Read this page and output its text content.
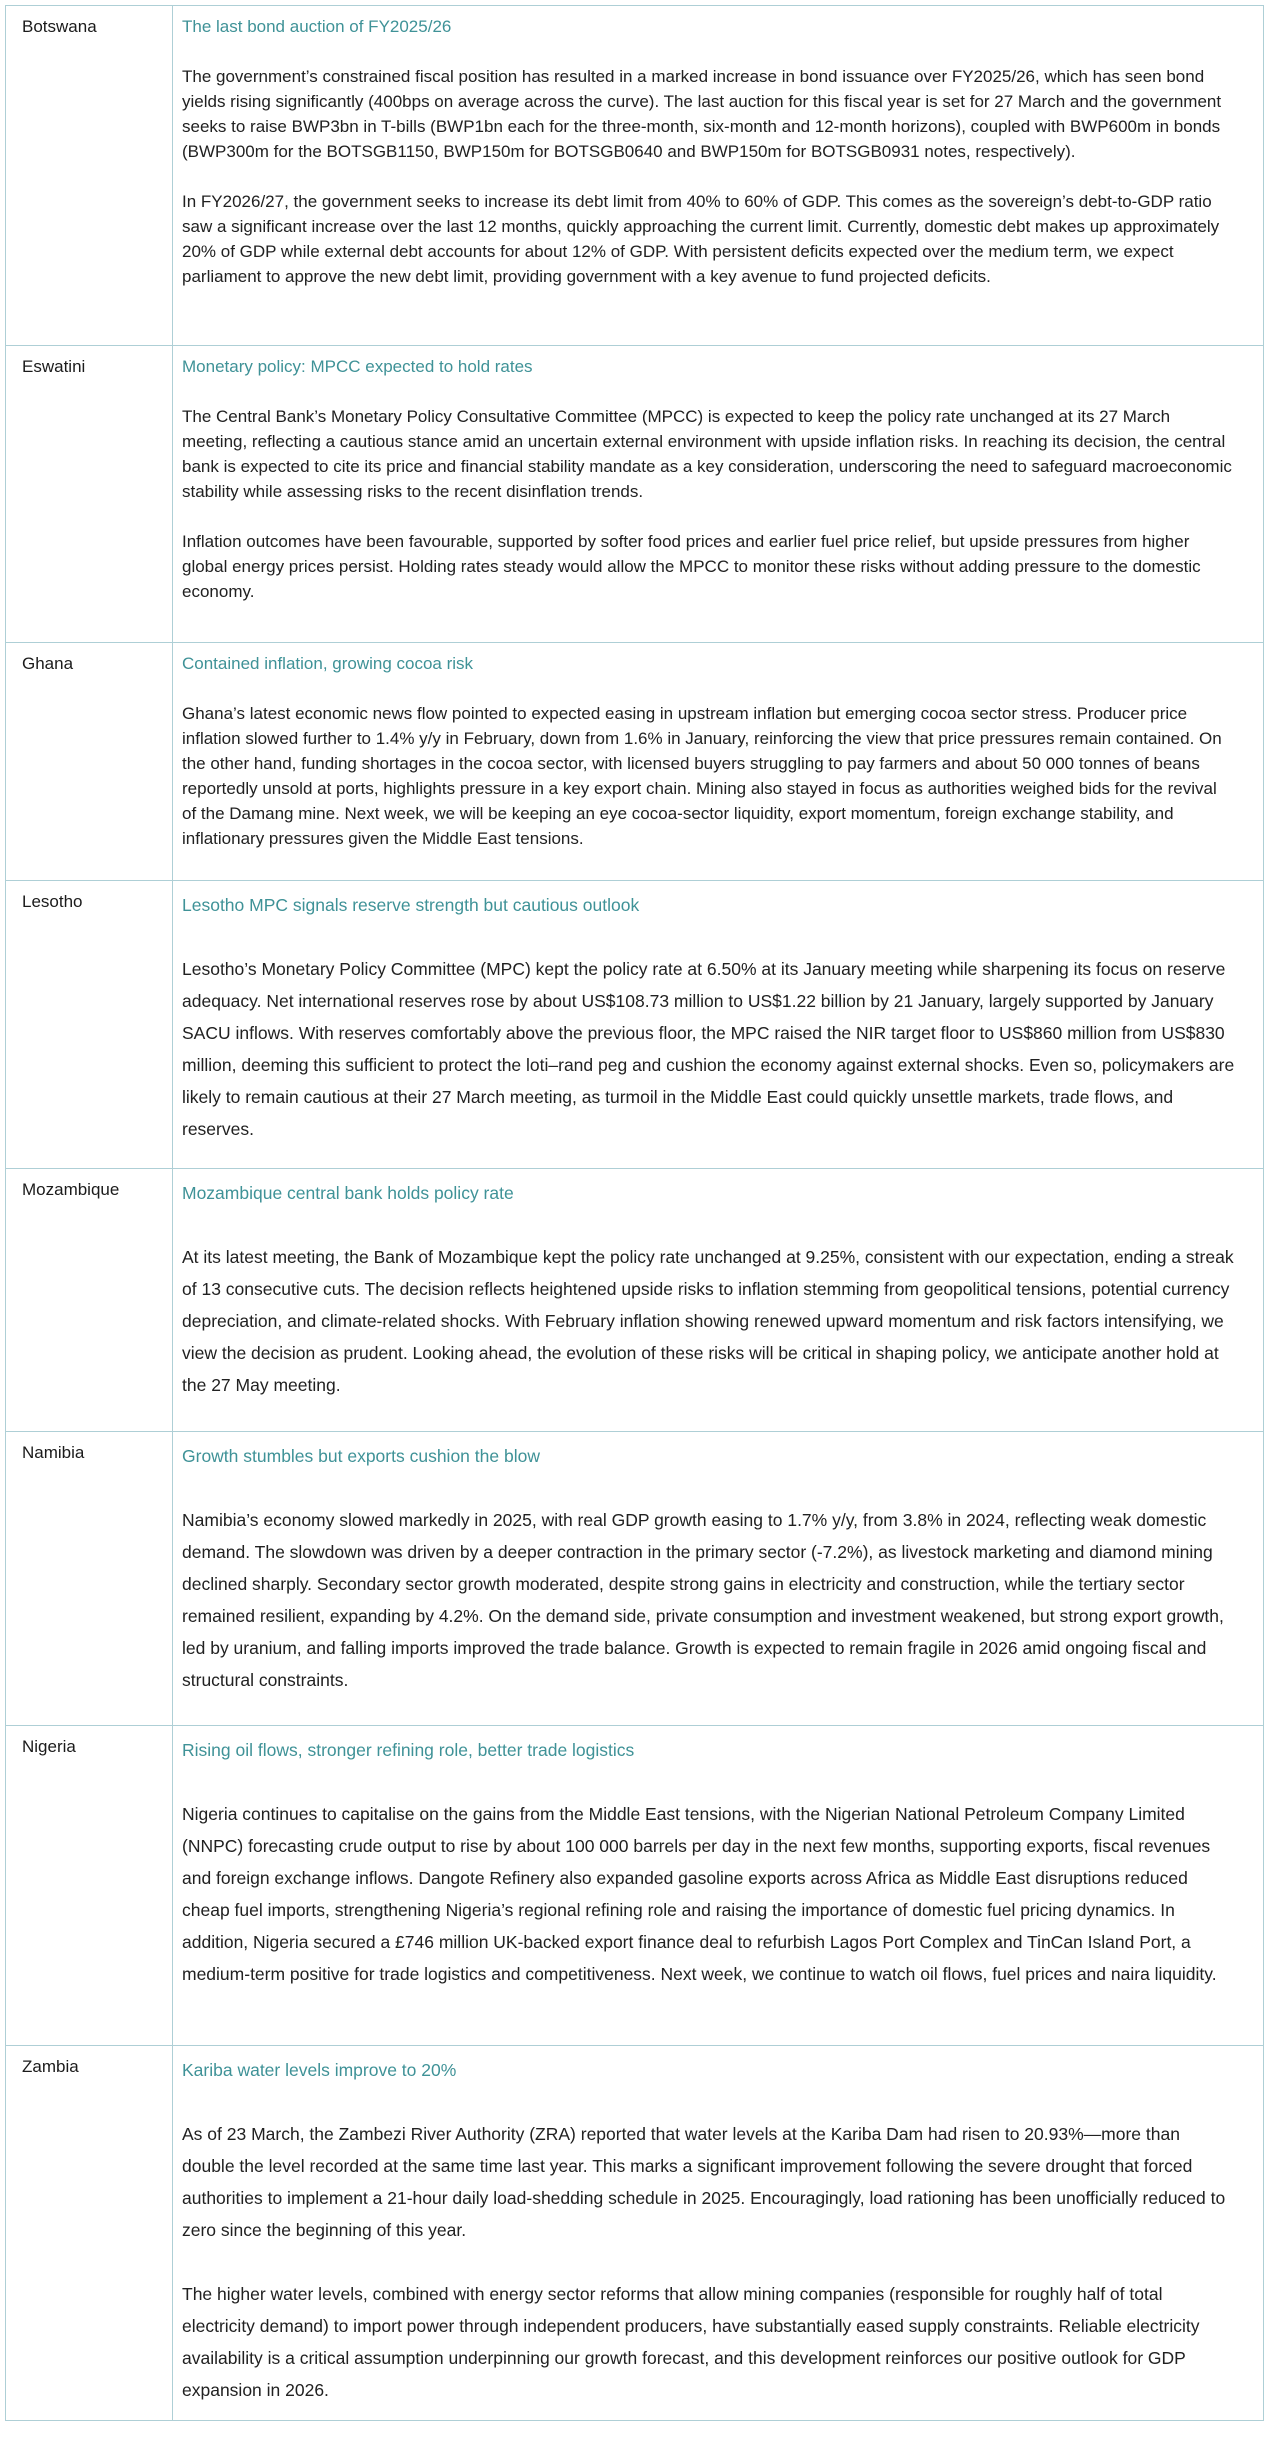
Botswana	The last bond auction of FY2025/26

The government’s constrained fiscal position has resulted in a marked increase in bond issuance over FY2025/26, which has seen bond yields rising significantly (400bps on average across the curve). The last auction for this fiscal year is set for 27 March and the government seeks to raise BWP3bn in T-bills (BWP1bn each for the three-month, six-month and 12-month horizons), coupled with BWP600m in bonds (BWP300m for the BOTSGB1150, BWP150m for BOTSGB0640 and BWP150m for BOTSGB0931 notes, respectively).

In FY2026/27, the government seeks to increase its debt limit from 40% to 60% of GDP. This comes as the sovereign’s debt-to-GDP ratio saw a significant increase over the last 12 months, quickly approaching the current limit. Currently, domestic debt makes up approximately 20% of GDP while external debt accounts for about 12% of GDP. With persistent deficits expected over the medium term, we expect parliament to approve the new debt limit, providing government with a key avenue to fund projected deficits.

Eswatini	Monetary policy: MPCC expected to hold rates

The Central Bank’s Monetary Policy Consultative Committee (MPCC) is expected to keep the policy rate unchanged at its 27 March meeting, reflecting a cautious stance amid an uncertain external environment with upside inflation risks. In reaching its decision, the central bank is expected to cite its price and financial stability mandate as a key consideration, underscoring the need to safeguard macroeconomic stability while assessing risks to the recent disinflation trends.

Inflation outcomes have been favourable, supported by softer food prices and earlier fuel price relief, but upside pressures from higher global energy prices persist. Holding rates steady would allow the MPCC to monitor these risks without adding pressure to the domestic economy.

Ghana	Contained inflation, growing cocoa risk

Ghana’s latest economic news flow pointed to expected easing in upstream inflation but emerging cocoa sector stress. Producer price inflation slowed further to 1.4% y/y in February, down from 1.6% in January, reinforcing the view that price pressures remain contained. On the other hand, funding shortages in the cocoa sector, with licensed buyers struggling to pay farmers and about 50 000 tonnes of beans reportedly unsold at ports, highlights pressure in a key export chain. Mining also stayed in focus as authorities weighed bids for the revival of the Damang mine. Next week, we will be keeping an eye cocoa-sector liquidity, export momentum, foreign exchange stability, and inflationary pressures given the Middle East tensions.

Lesotho	Lesotho MPC signals reserve strength but cautious outlook

Lesotho’s Monetary Policy Committee (MPC) kept the policy rate at 6.50% at its January meeting while sharpening its focus on reserve adequacy. Net international reserves rose by about US$108.73 million to US$1.22 billion by 21 January, largely supported by January SACU inflows. With reserves comfortably above the previous floor, the MPC raised the NIR target floor to US$860 million from US$830 million, deeming this sufficient to protect the loti–rand peg and cushion the economy against external shocks. Even so, policymakers are likely to remain cautious at their 27 March meeting, as turmoil in the Middle East could quickly unsettle markets, trade flows, and reserves.

Mozambique	Mozambique central bank holds policy rate

At its latest meeting, the Bank of Mozambique kept the policy rate unchanged at 9.25%, consistent with our expectation, ending a streak of 13 consecutive cuts. The decision reflects heightened upside risks to inflation stemming from geopolitical tensions, potential currency depreciation, and climate-related shocks. With February inflation showing renewed upward momentum and risk factors intensifying, we view the decision as prudent. Looking ahead, the evolution of these risks will be critical in shaping policy, we anticipate another hold at the 27 May meeting.

Namibia	Growth stumbles but exports cushion the blow

Namibia’s economy slowed markedly in 2025, with real GDP growth easing to 1.7% y/y, from 3.8% in 2024, reflecting weak domestic demand. The slowdown was driven by a deeper contraction in the primary sector (-7.2%), as livestock marketing and diamond mining declined sharply. Secondary sector growth moderated, despite strong gains in electricity and construction, while the tertiary sector remained resilient, expanding by 4.2%. On the demand side, private consumption and investment weakened, but strong export growth, led by uranium, and falling imports improved the trade balance. Growth is expected to remain fragile in 2026 amid ongoing fiscal and structural constraints.

Nigeria	Rising oil flows, stronger refining role, better trade logistics

Nigeria continues to capitalise on the gains from the Middle East tensions, with the Nigerian National Petroleum Company Limited (NNPC) forecasting crude output to rise by about 100 000 barrels per day in the next few months, supporting exports, fiscal revenues and foreign exchange inflows. Dangote Refinery also expanded gasoline exports across Africa as Middle East disruptions reduced cheap fuel imports, strengthening Nigeria’s regional refining role and raising the importance of domestic fuel pricing dynamics. In addition, Nigeria secured a £746 million UK-backed export finance deal to refurbish Lagos Port Complex and TinCan Island Port, a medium-term positive for trade logistics and competitiveness. Next week, we continue to watch oil flows, fuel prices and naira liquidity.

Zambia	Kariba water levels improve to 20%

As of 23 March, the Zambezi River Authority (ZRA) reported that water levels at the Kariba Dam had risen to 20.93%—more than double the level recorded at the same time last year. This marks a significant improvement following the severe drought that forced authorities to implement a 21-hour daily load-shedding schedule in 2025. Encouragingly, load rationing has been unofficially reduced to zero since the beginning of this year.

The higher water levels, combined with energy sector reforms that allow mining companies (responsible for roughly half of total electricity demand) to import power through independent producers, have substantially eased supply constraints. Reliable electricity availability is a critical assumption underpinning our growth forecast, and this development reinforces our positive outlook for GDP expansion in 2026.
